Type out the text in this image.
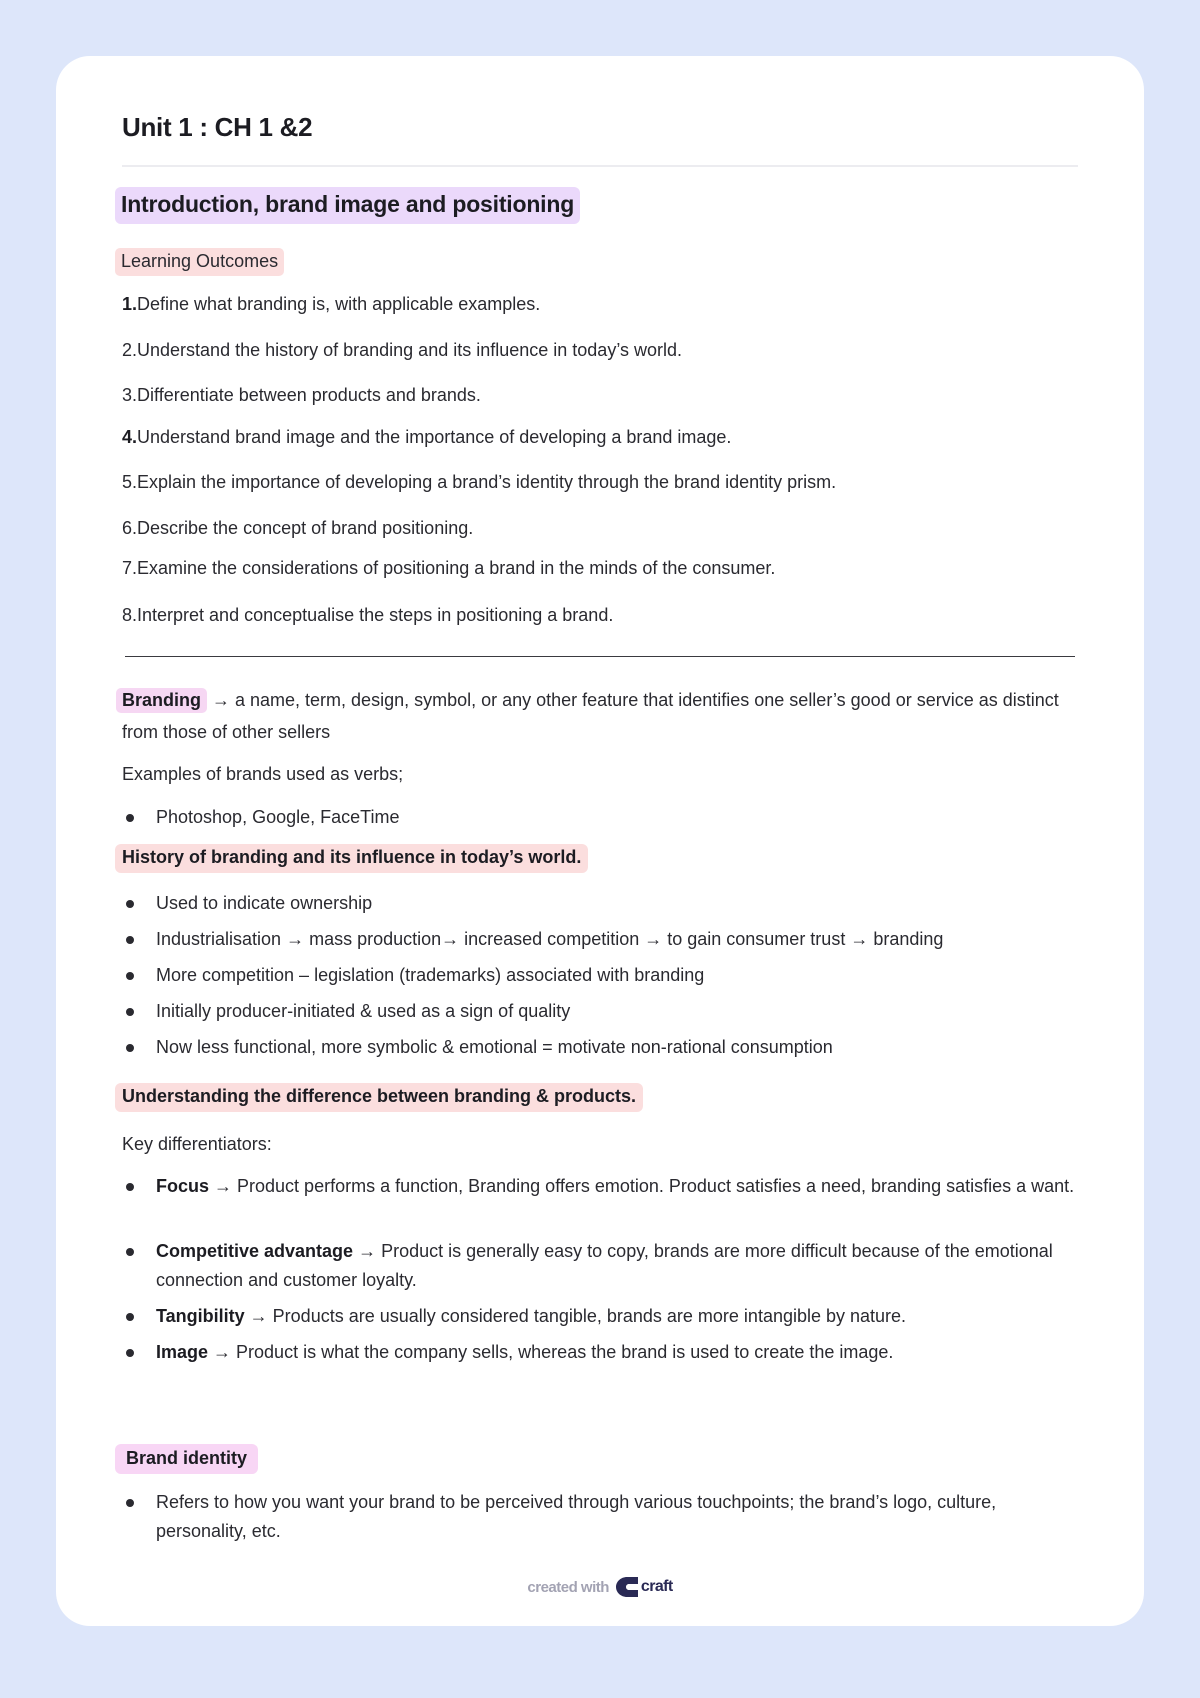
Unit 1 : CH 1 &2
Introduction, brand image and positioning
Learning Outcomes
1.Define what branding is, with applicable examples.
2.Understand the history of branding and its influence in today’s world.
3.Differentiate between products and brands.
4.Understand brand image and the importance of developing a brand image.
5.Explain the importance of developing a brand’s identity through the brand identity prism.
6.Describe the concept of brand positioning.
7.Examine the considerations of positioning a brand in the minds of the consumer.
8.Interpret and conceptualise the steps in positioning a brand.
Branding → a name, term, design, symbol, or any other feature that identifies one seller’s good or service as distinct from those of other sellers
Examples of brands used as verbs;
Photoshop, Google, FaceTime
History of branding and its influence in today’s world.
Used to indicate ownership
Industrialisation → mass production→ increased competition → to gain consumer trust → branding
More competition – legislation (trademarks) associated with branding
Initially producer-initiated & used as a sign of quality
Now less functional, more symbolic & emotional = motivate non-rational consumption
Understanding the difference between branding & products.
Key differentiators:
Focus → Product performs a function, Branding offers emotion. Product satisfies a need, branding satisfies a want.
Competitive advantage → Product is generally easy to copy, brands are more difficult because of the emotional connection and customer loyalty.
Tangibility → Products are usually considered tangible, brands are more intangible by nature.
Image → Product is what the company sells, whereas the brand is used to create the image.
Brand identity
Refers to how you want your brand to be perceived through various touchpoints; the brand’s logo, culture, personality, etc.
created with craft
